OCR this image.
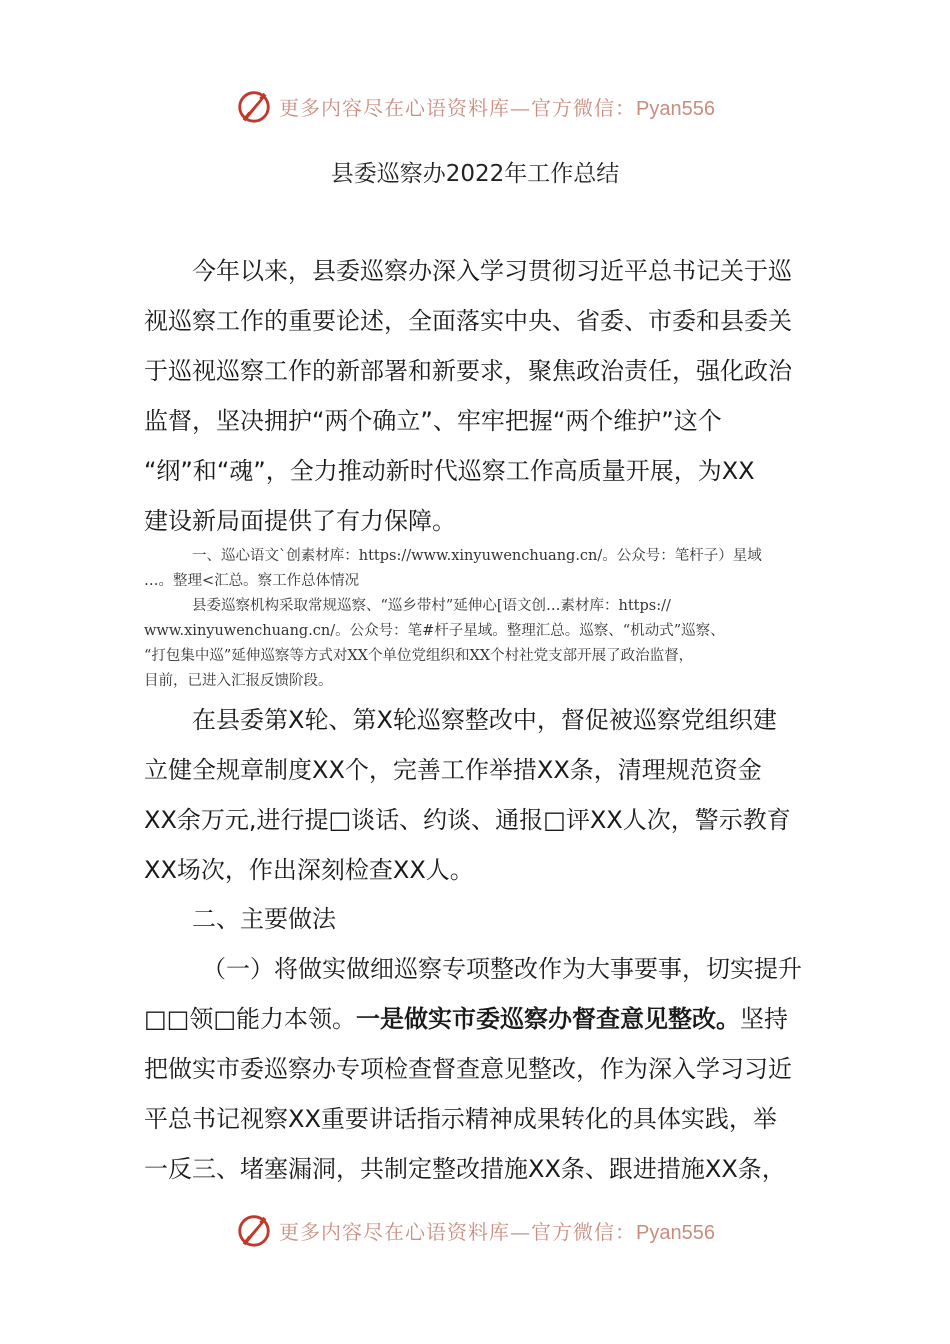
更多内容尽在心语资料库—官方微信：Pyan556
县委巡察办2022年工作总结

今年以来，县委巡察办深入学习贯彻习近平总书记关于巡
视巡察工作的重要论述，全面落实中央、省委、市委和县委关
于巡视巡察工作的新部署和新要求，聚焦政治责任，强化政治
监督，坚决拥护“两个确立”、牢牢把握“两个维护”这个
“纲”和“魂”，全力推动新时代巡察工作高质量开展，为XX
建设新局面提供了有力保障。

一、巡心语文`创素材库：https://www.xinyuwenchuang.cn/。公众号：笔杆子）星域
…。整理<汇总。察工作总体情况

县委巡察机构采取常规巡察、“巡乡带村”延伸心[语文创…素材库：https://
www.xinyuwenchuang.cn/。公众号：笔#杆子星域。整理汇总。巡察、“机动式”巡察、
“打包集中巡”延伸巡察等方式对XX个单位党组织和XX个村社党支部开展了政治监督，
目前，已进入汇报反馈阶段。

在县委第X轮、第X轮巡察整改中，督促被巡察党组织建
立健全规章制度XX个，完善工作举措XX条，清理规范资金
XX余万元,进行提□谈话、约谈、通报□评XX人次，警示教育
XX场次，作出深刻检查XX人。

二、主要做法

（一）将做实做细巡察专项整改作为大事要事，切实提升
□□领□能力本领。一是做实市委巡察办督查意见整改。坚持
把做实市委巡察办专项检查督查意见整改，作为深入学习习近
平总书记视察XX重要讲话指示精神成果转化的具体实践，举
一反三、堵塞漏洞，共制定整改措施XX条、跟进措施XX条，

更多内容尽在心语资料库—官方微信：Pyan556
